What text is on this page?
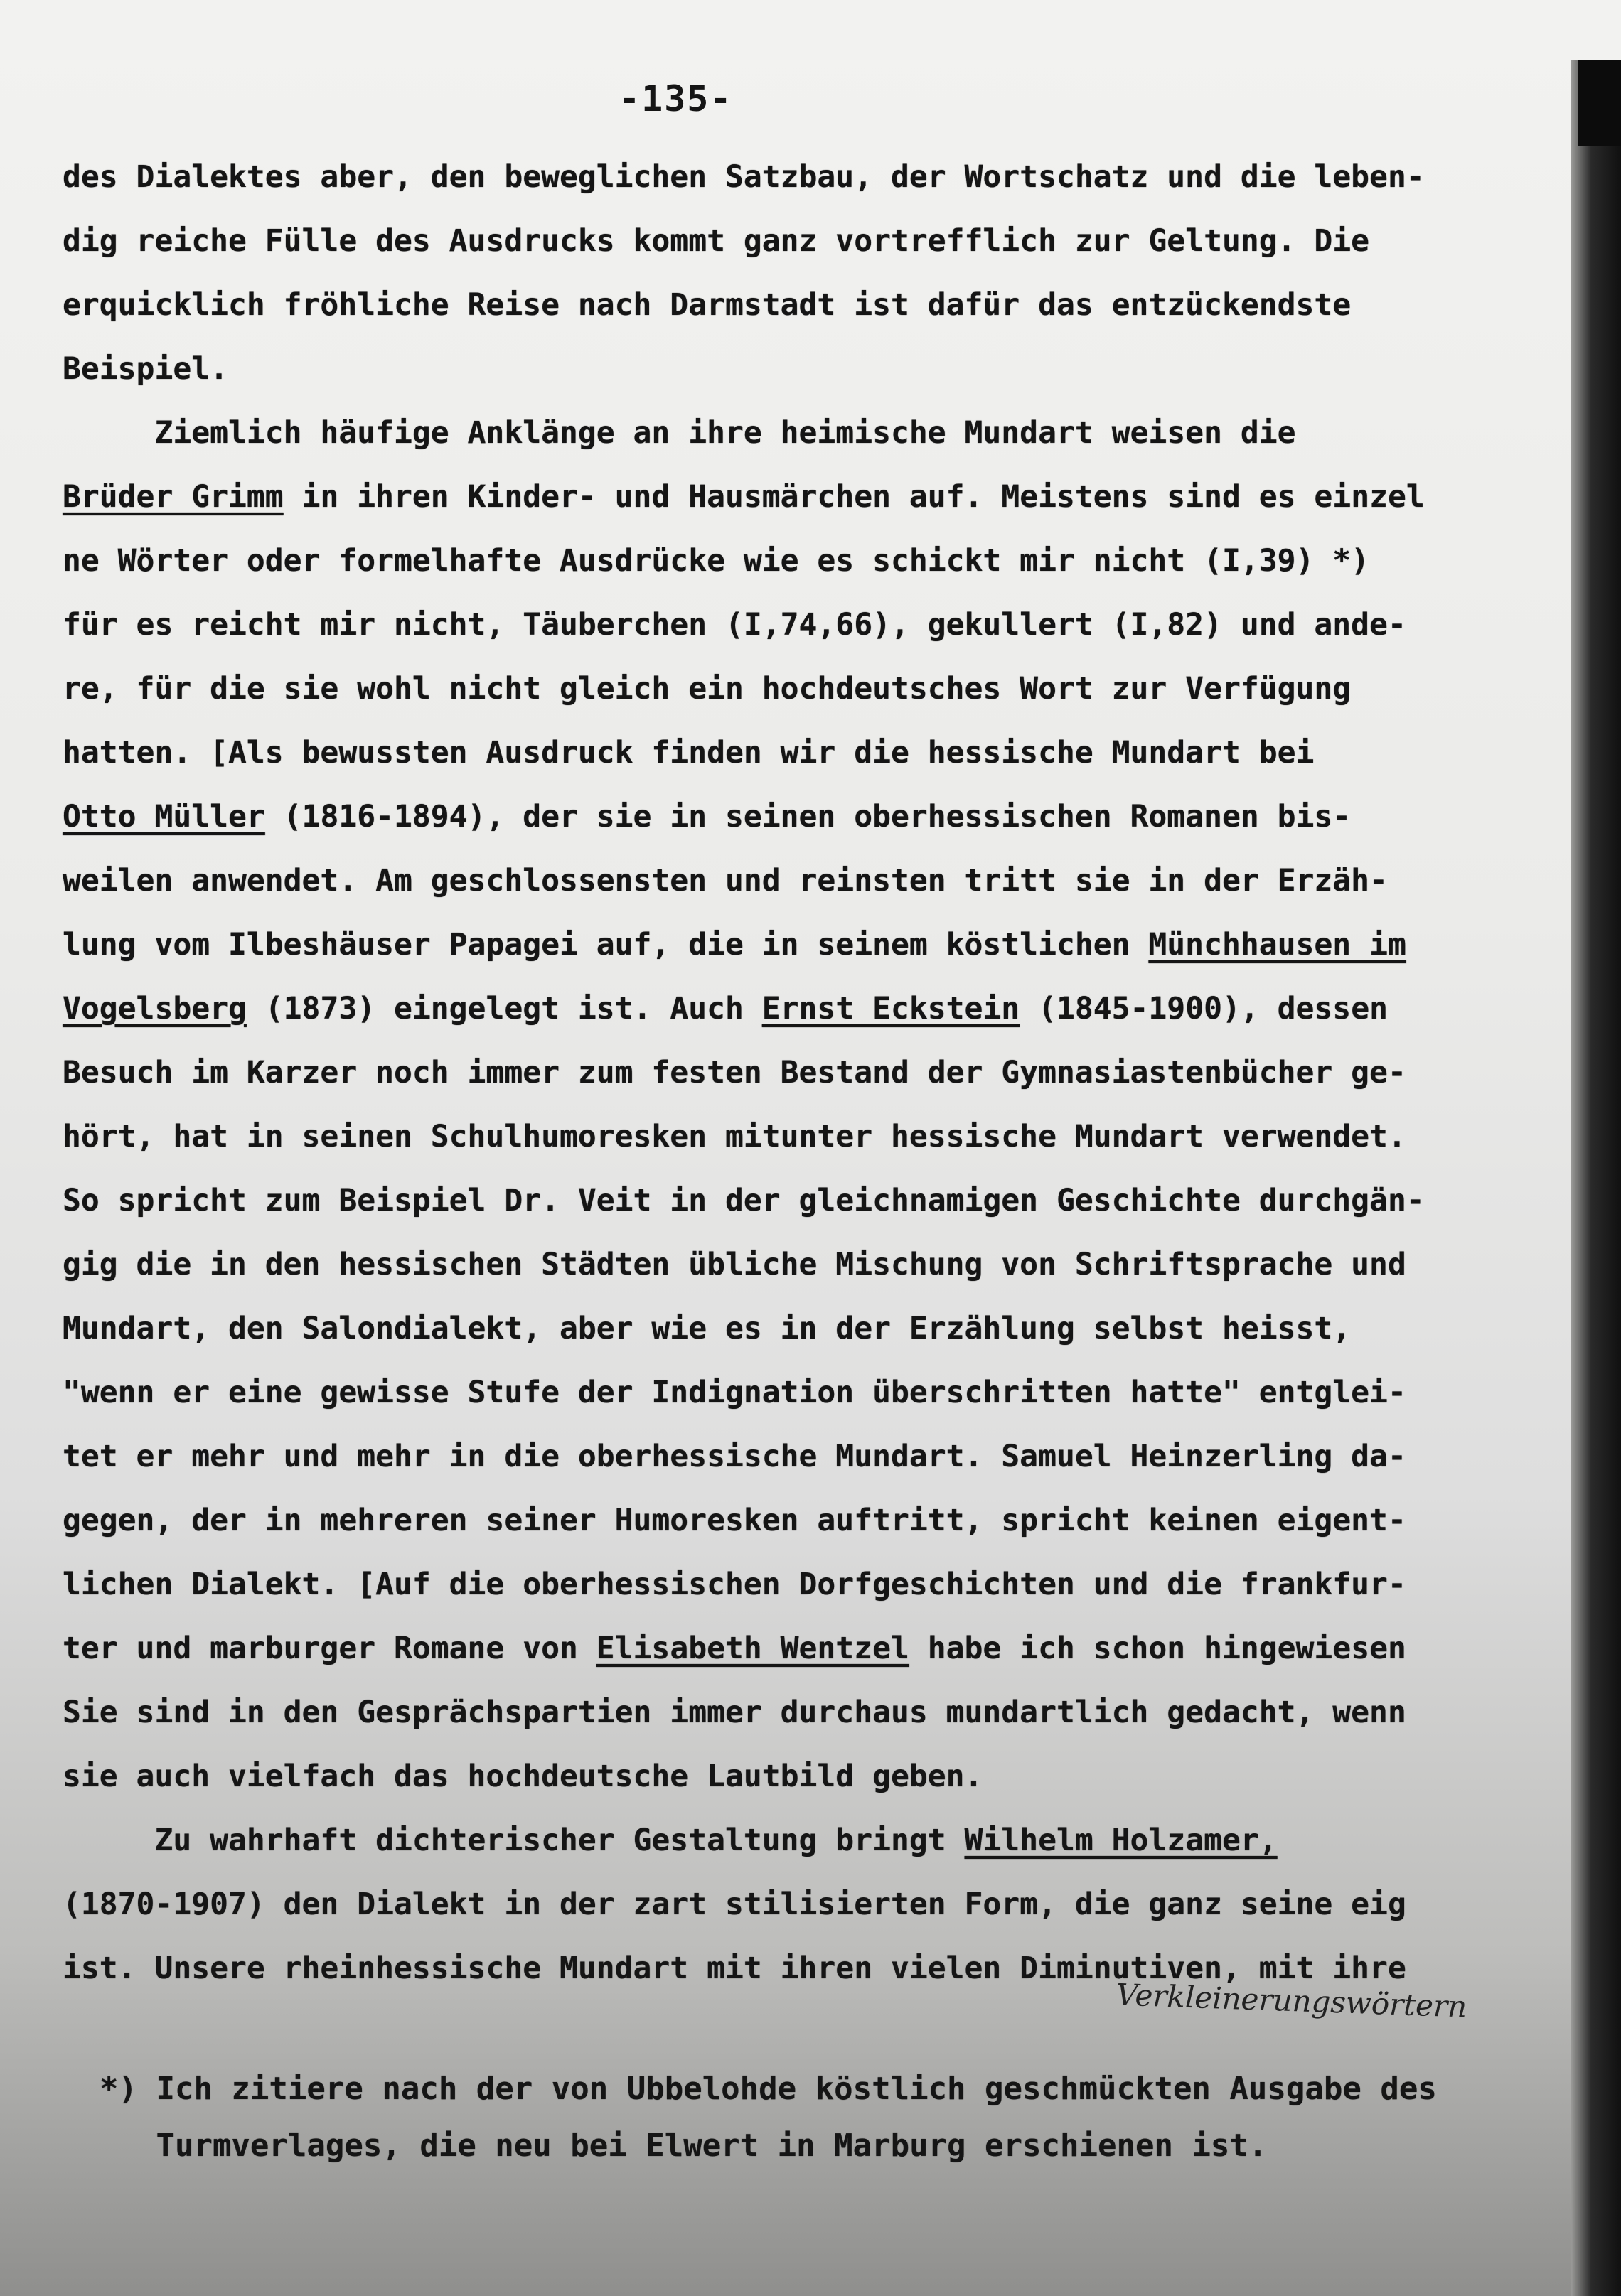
-135-
des Dialektes aber, den beweglichen Satzbau, der Wortschatz und die leben-
dig reiche Fülle des Ausdrucks kommt ganz vortrefflich zur Geltung. Die
erquicklich fröhliche Reise nach Darmstadt ist dafür das entzückendste
Beispiel.
Ziemlich häufige Anklänge an ihre heimische Mundart weisen die
Brüder Grimm in ihren Kinder- und Hausmärchen auf. Meistens sind es einzel
ne Wörter oder formelhafte Ausdrücke wie es schickt mir nicht (I,39) *)
für es reicht mir nicht, Täuberchen (I,74,66), gekullert (I,82) und ande-
re, für die sie wohl nicht gleich ein hochdeutsches Wort zur Verfügung
hatten. [Als bewussten Ausdruck finden wir die hessische Mundart bei
Otto Müller (1816-1894), der sie in seinen oberhessischen Romanen bis-
weilen anwendet. Am geschlossensten und reinsten tritt sie in der Erzäh-
lung vom Ilbeshäuser Papagei auf, die in seinem köstlichen Münchhausen im
Vogelsberg (1873) eingelegt ist. Auch Ernst Eckstein (1845-1900), dessen
Besuch im Karzer noch immer zum festen Bestand der Gymnasiastenbücher ge-
hört, hat in seinen Schulhumoresken mitunter hessische Mundart verwendet.
So spricht zum Beispiel Dr. Veit in der gleichnamigen Geschichte durchgän-
gig die in den hessischen Städten übliche Mischung von Schriftsprache und
Mundart, den Salondialekt, aber wie es in der Erzählung selbst heisst,
"wenn er eine gewisse Stufe der Indignation überschritten hatte" entglei-
tet er mehr und mehr in die oberhessische Mundart. Samuel Heinzerling da-
gegen, der in mehreren seiner Humoresken auftritt, spricht keinen eigent-
lichen Dialekt. [Auf die oberhessischen Dorfgeschichten und die frankfur-
ter und marburger Romane von Elisabeth Wentzel habe ich schon hingewiesen
Sie sind in den Gesprächspartien immer durchaus mundartlich gedacht, wenn
sie auch vielfach das hochdeutsche Lautbild geben.
Zu wahrhaft dichterischer Gestaltung bringt Wilhelm Holzamer,
(1870-1907) den Dialekt in der zart stilisierten Form, die ganz seine eig
Verkleinerungswörtern
ist. Unsere rheinhessische Mundart mit ihren vielen Diminutiven, mit ihre
*) Ich zitiere nach der von Ubbelohde köstlich geschmückten Ausgabe des
Turmverlages, die neu bei Elwert in Marburg erschienen ist.
